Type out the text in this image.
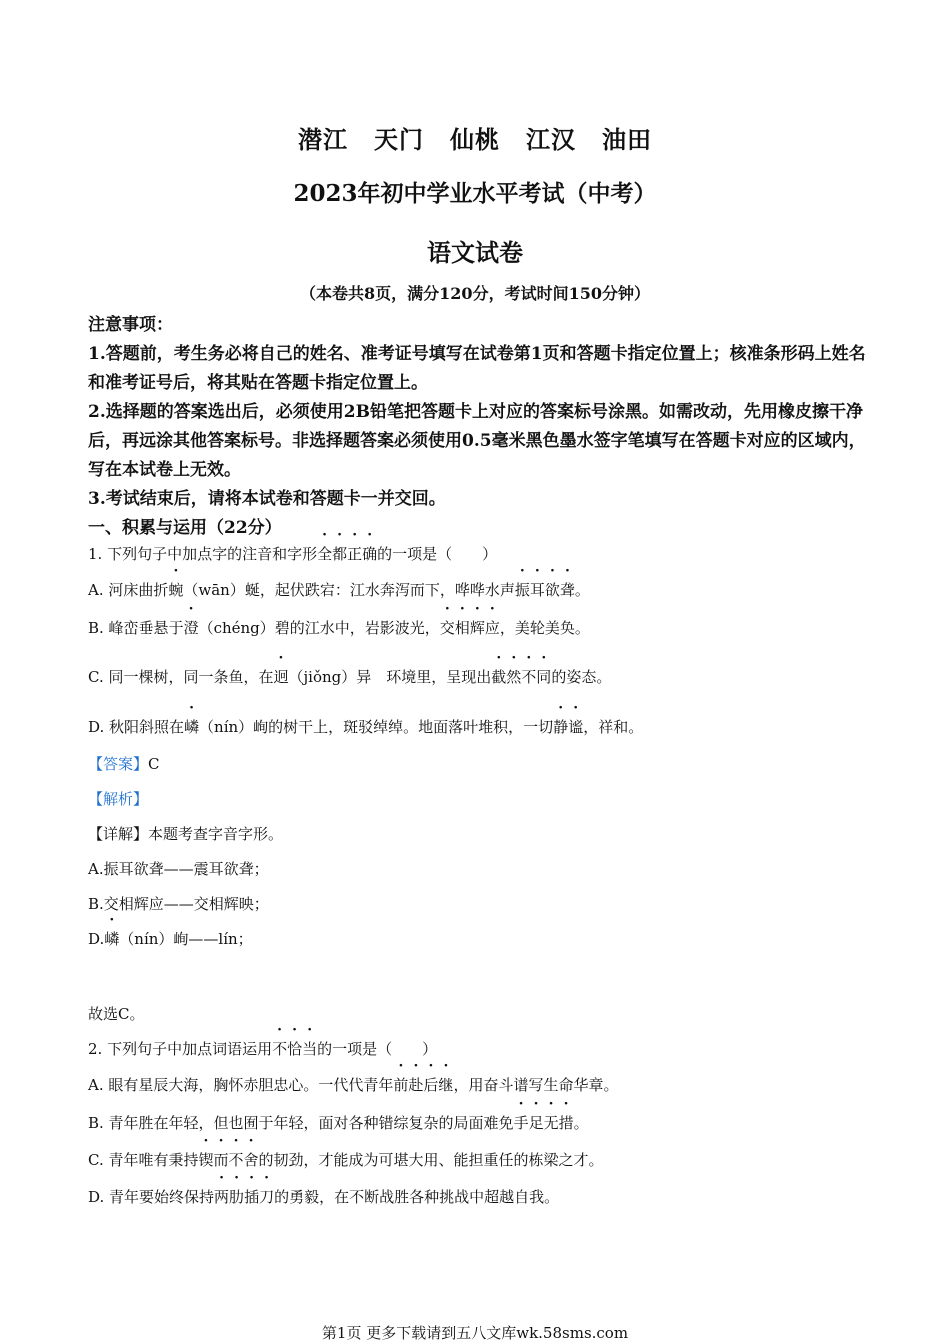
潜江 天门 仙桃 江汉 油田
2023年初中学业水平考试（中考）
语文试卷
（本卷共8页，满分120分，考试时间150分钟）

注意事项：

1.答题前，考生务必将自己的姓名、准考证号填写在试卷第1页和答题卡指定位置上；核准条形码上姓名和准考证号后，将其贴在答题卡指定位置上。

2.选择题的答案选出后，必须使用2B铅笔把答题卡上对应的答案标号涂黑。如需改动，先用橡皮擦干净后，再远涂其他答案标号。非选择题答案必须使用0.5毫米黑色墨水签字笔填写在答题卡对应的区域内，写在本试卷上无效。

3.考试结束后，请将本试卷和答题卡一并交回。

一、积累与运用（22分）
1. 下列句子中加点字的注音和字形全都正确的一项是（　　）
A. 河床曲折蜿（wān）蜒，起伏跌宕：江水奔泻而下，哗哗水声振耳欲聋。
B. 峰峦垂悬于澄（chéng）碧的江水中，岩影波光，交相辉应，美轮美奂。
C. 同一棵树，同一条鱼，在迥（jiǒng）异　环境里，呈现出截然不同的姿态。
D. 秋阳斜照在嶙（nín）峋的树干上，斑驳绰绰。地面落叶堆积，一切静谧，祥和。
【答案】C
【解析】
【详解】本题考查字音字形。
A.振耳欲聋——震耳欲聋；
B.交相辉应——交相辉映；
D.嶙（nín）峋——lín；
故选C。
2. 下列句子中加点词语运用不恰当的一项是（　　）
A. 眼有星辰大海，胸怀赤胆忠心。一代代青年前赴后继，用奋斗谱写生命华章。
B. 青年胜在年轻，但也囿于年轻，面对各种错综复杂的局面难免手足无措。
C. 青年唯有秉持锲而不舍的韧劲，才能成为可堪大用、能担重任的栋梁之才。
D. 青年要始终保持两肋插刀的勇毅，在不断战胜各种挑战中超越自我。
第1页 更多下载请到五八文库wk.58sms.com
